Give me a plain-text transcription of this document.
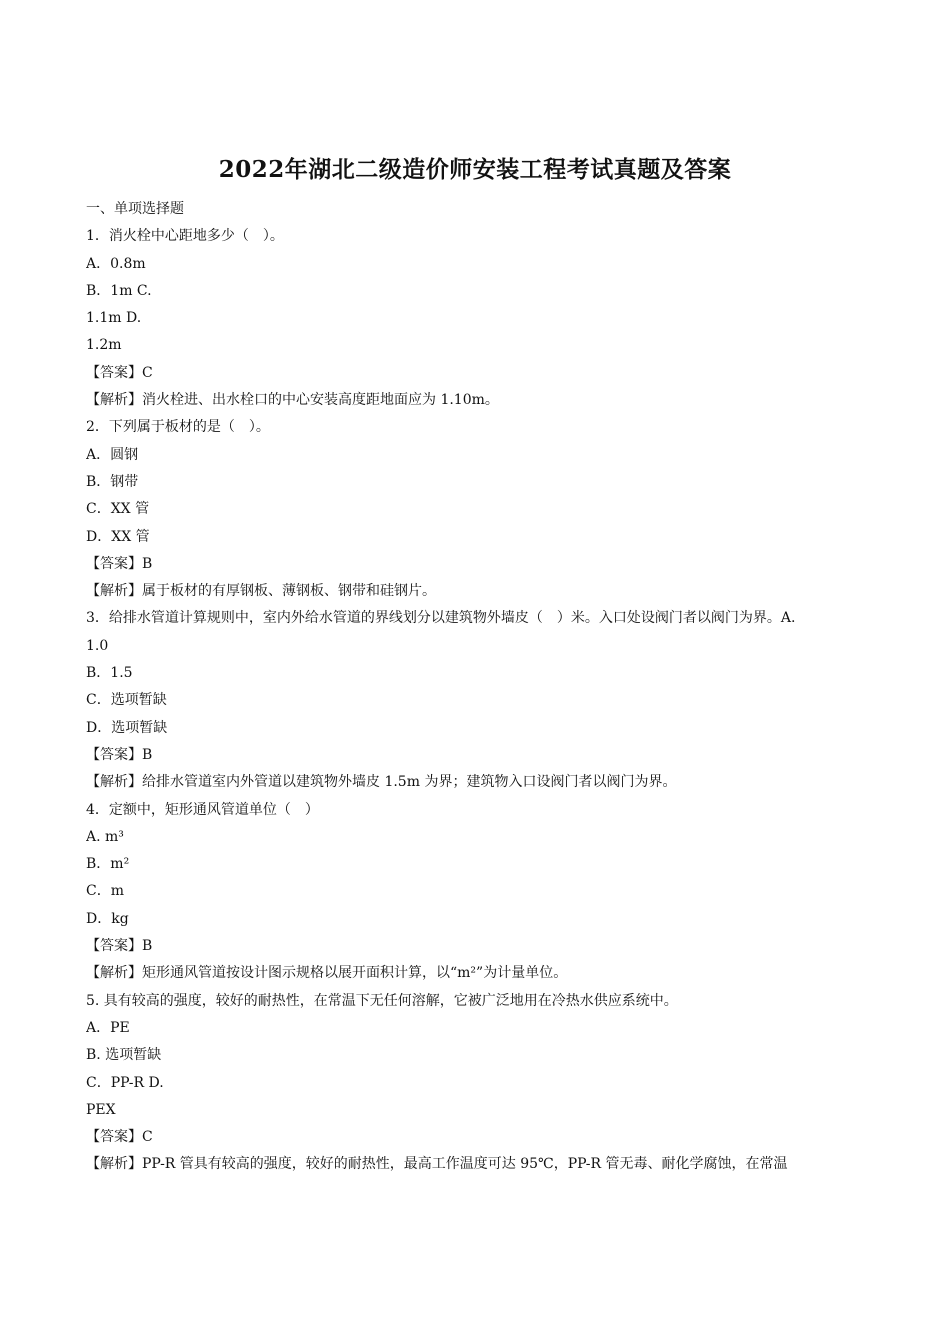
2022年湖北二级造价师安装工程考试真题及答案
一、单项选择题
1．消火栓中心距地多少（　）。
A．0.8m
B．1m C.
1.1m D.
1.2m
【答案】C
【解析】消火栓进、出水栓口的中心安装高度距地面应为 1.10m。
2．下列属于板材的是（　）。
A．圆钢
B．钢带
C．XX 管
D．XX 管
【答案】B
【解析】属于板材的有厚钢板、薄钢板、钢带和硅钢片。
3．给排水管道计算规则中，室内外给水管道的界线划分以建筑物外墙皮（　）米。入口处设阀门者以阀门为界。A.
1.0
B．1.5
C．选项暂缺
D．选项暂缺
【答案】B
【解析】给排水管道室内外管道以建筑物外墙皮 1.5m 为界；建筑物入口设阀门者以阀门为界。
4．定额中，矩形通风管道单位（　）
A. m³
B．m²
C．m
D．kg
【答案】B
【解析】矩形通风管道按设计图示规格以展开面积计算，以“m²”为计量单位。
5. 具有较高的强度，较好的耐热性，在常温下无任何溶解，它被广泛地用在冷热水供应系统中。
A．PE
B. 选项暂缺
C．PP-R D.
PEX
【答案】C
【解析】PP-R 管具有较高的强度，较好的耐热性，最高工作温度可达 95℃，PP-R 管无毒、耐化学腐蚀，在常温
